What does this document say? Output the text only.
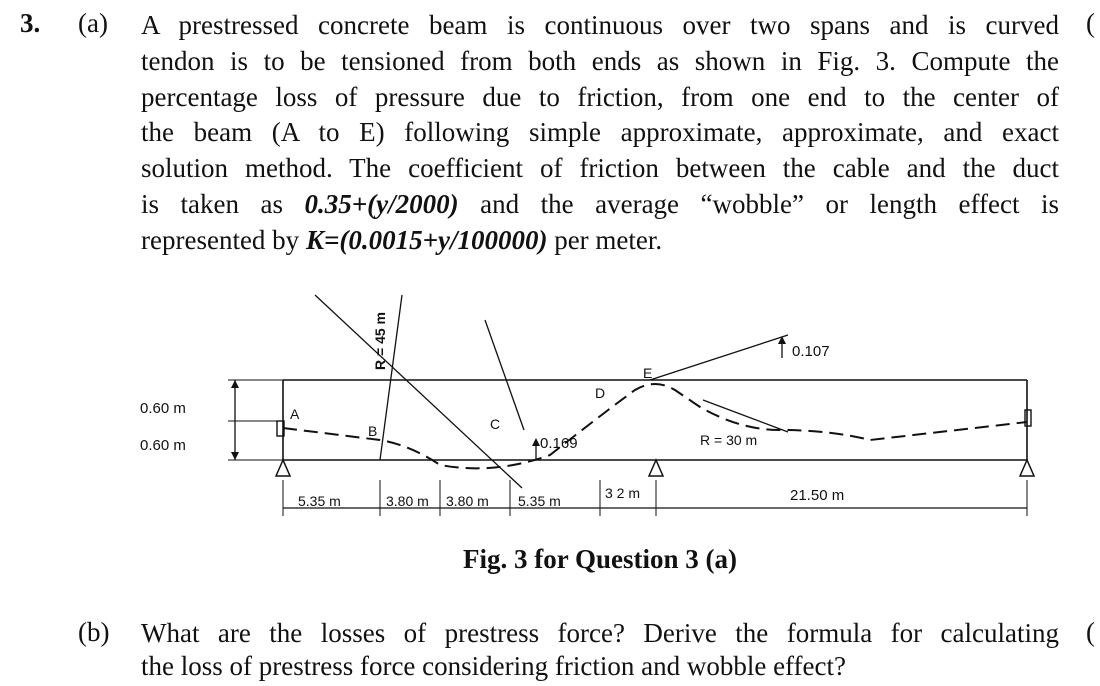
3. (a)	(
A prestressed concrete beam is continuous over two spans and is curved
tendon is to be tensioned from both ends as shown in Fig. 3. Compute the
percentage loss of pressure due to friction, from one end to the center of
the beam (A to E) following simple approximate, approximate, and exact
solution method. The coefficient of friction between the cable and the duct
is taken as 0.35+(y/2000) and the average “wobble” or length effect is
represented by K=(0.0015+y/100000) per meter.
0.60 m
0.60 m
5.35 m	3.80 m 3.80 m 5.35 m	3 2 m	21.50 m
R = 45 m
R = 30 m
0.169
0.107
A
B	C
D
E
Fig. 3 for Question 3 (a)
(b)	(
What are the losses of prestress force? Derive the formula for calculating
the loss of prestress force considering friction and wobble effect?
